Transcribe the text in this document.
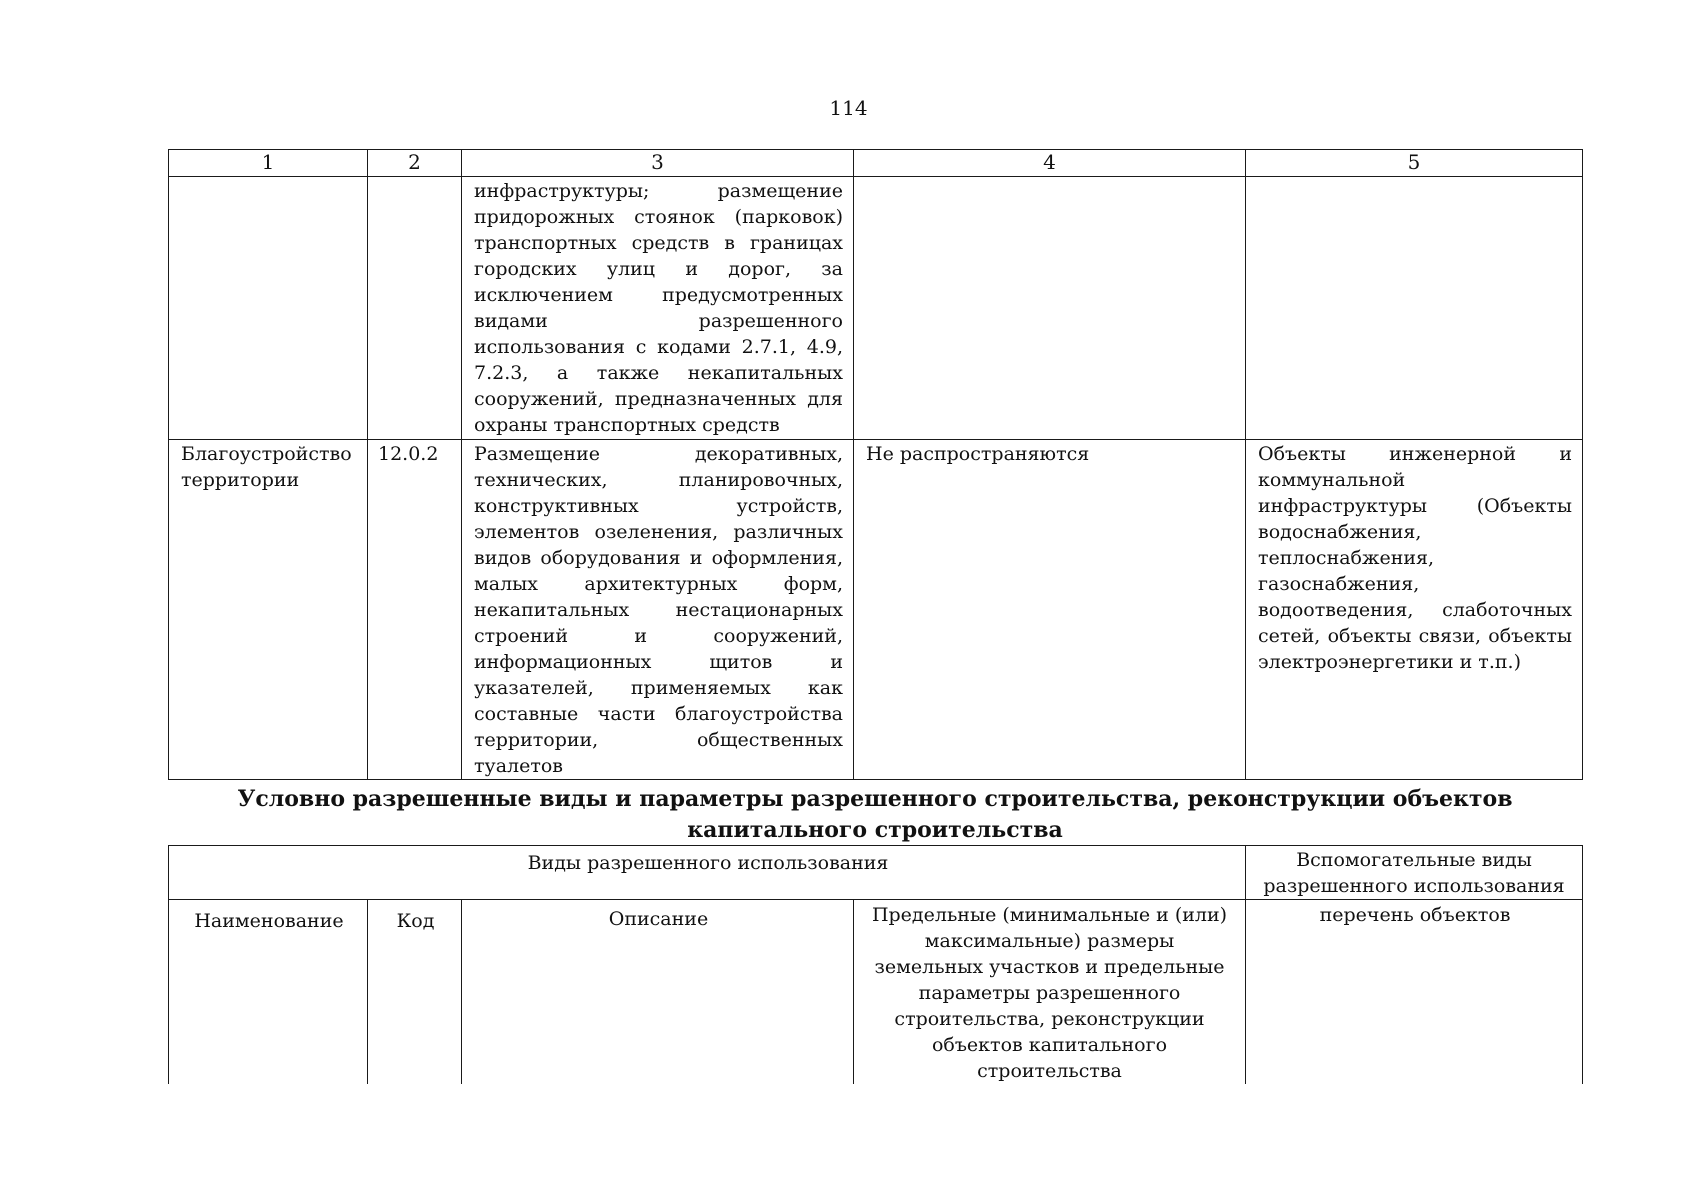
114
1	2	3	4	5

		инфраструктуры; размещение придорожных стоянок (парковок) транспортных средств в границах городских улиц и дорог, за исключением предусмотренных видами разрешенного использования с кодами 2.7.1, 4.9, 7.2.3, а также некапитальных сооружений, предназначенных для охраны транспортных средств		

Благоустройство территории	12.0.2	Размещение декоративных, технических, планировочных, конструктивных устройств, элементов озеленения, различных видов оборудования и оформления, малых архитектурных форм, некапитальных нестационарных строений и сооружений, информационных щитов и указателей, применяемых как составные части благоустройства территории, общественных туалетов	Не распространяются	Объекты инженерной и коммунальной инфраструктуры (Объекты водоснабжения, теплоснабжения, газоснабжения, водоотведения, слаботочных сетей, объекты связи, объекты электроэнергетики и т.п.)
Условно разрешенные виды и параметры разрешенного строительства, реконструкции объектов капитального строительства
Виды разрешенного использования				Вспомогательные виды разрешенного использования

Наименование	Код	Описание	Предельные (минимальные и (или) максимальные) размеры земельных участков и предельные параметры разрешенного строительства, реконструкции объектов капитального строительства	перечень объектов
